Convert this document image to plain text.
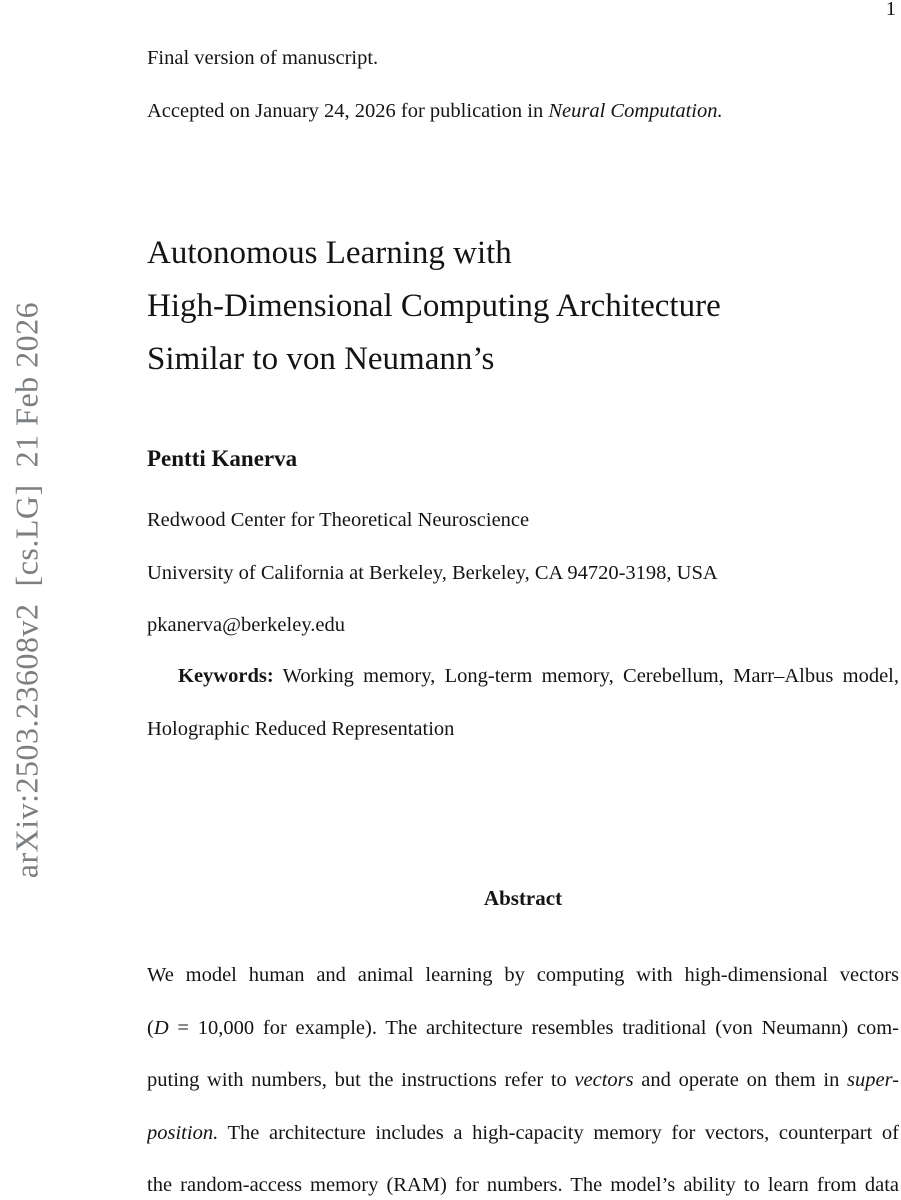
1
arXiv:2503.23608v2  [cs.LG]  21 Feb 2026
Final version of manuscript.
Accepted on January 24, 2026 for publication in Neural Computation.
Autonomous Learning with
High-Dimensional Computing Architecture
Similar to von Neumann’s
Pentti Kanerva
Redwood Center for Theoretical Neuroscience
University of California at Berkeley, Berkeley, CA 94720-3198, USA
pkanerva@berkeley.edu
Keywords: Working memory, Long-term memory, Cerebellum, Marr–Albus model,
Holographic Reduced Representation
Abstract
We model human and animal learning by computing with high-dimensional vectors
(D = 10,000 for example). The architecture resembles traditional (von Neumann) com-
puting with numbers, but the instructions refer to vectors and operate on them in super-
position. The architecture includes a high-capacity memory for vectors, counterpart of
the random-access memory (RAM) for numbers. The model’s ability to learn from data
